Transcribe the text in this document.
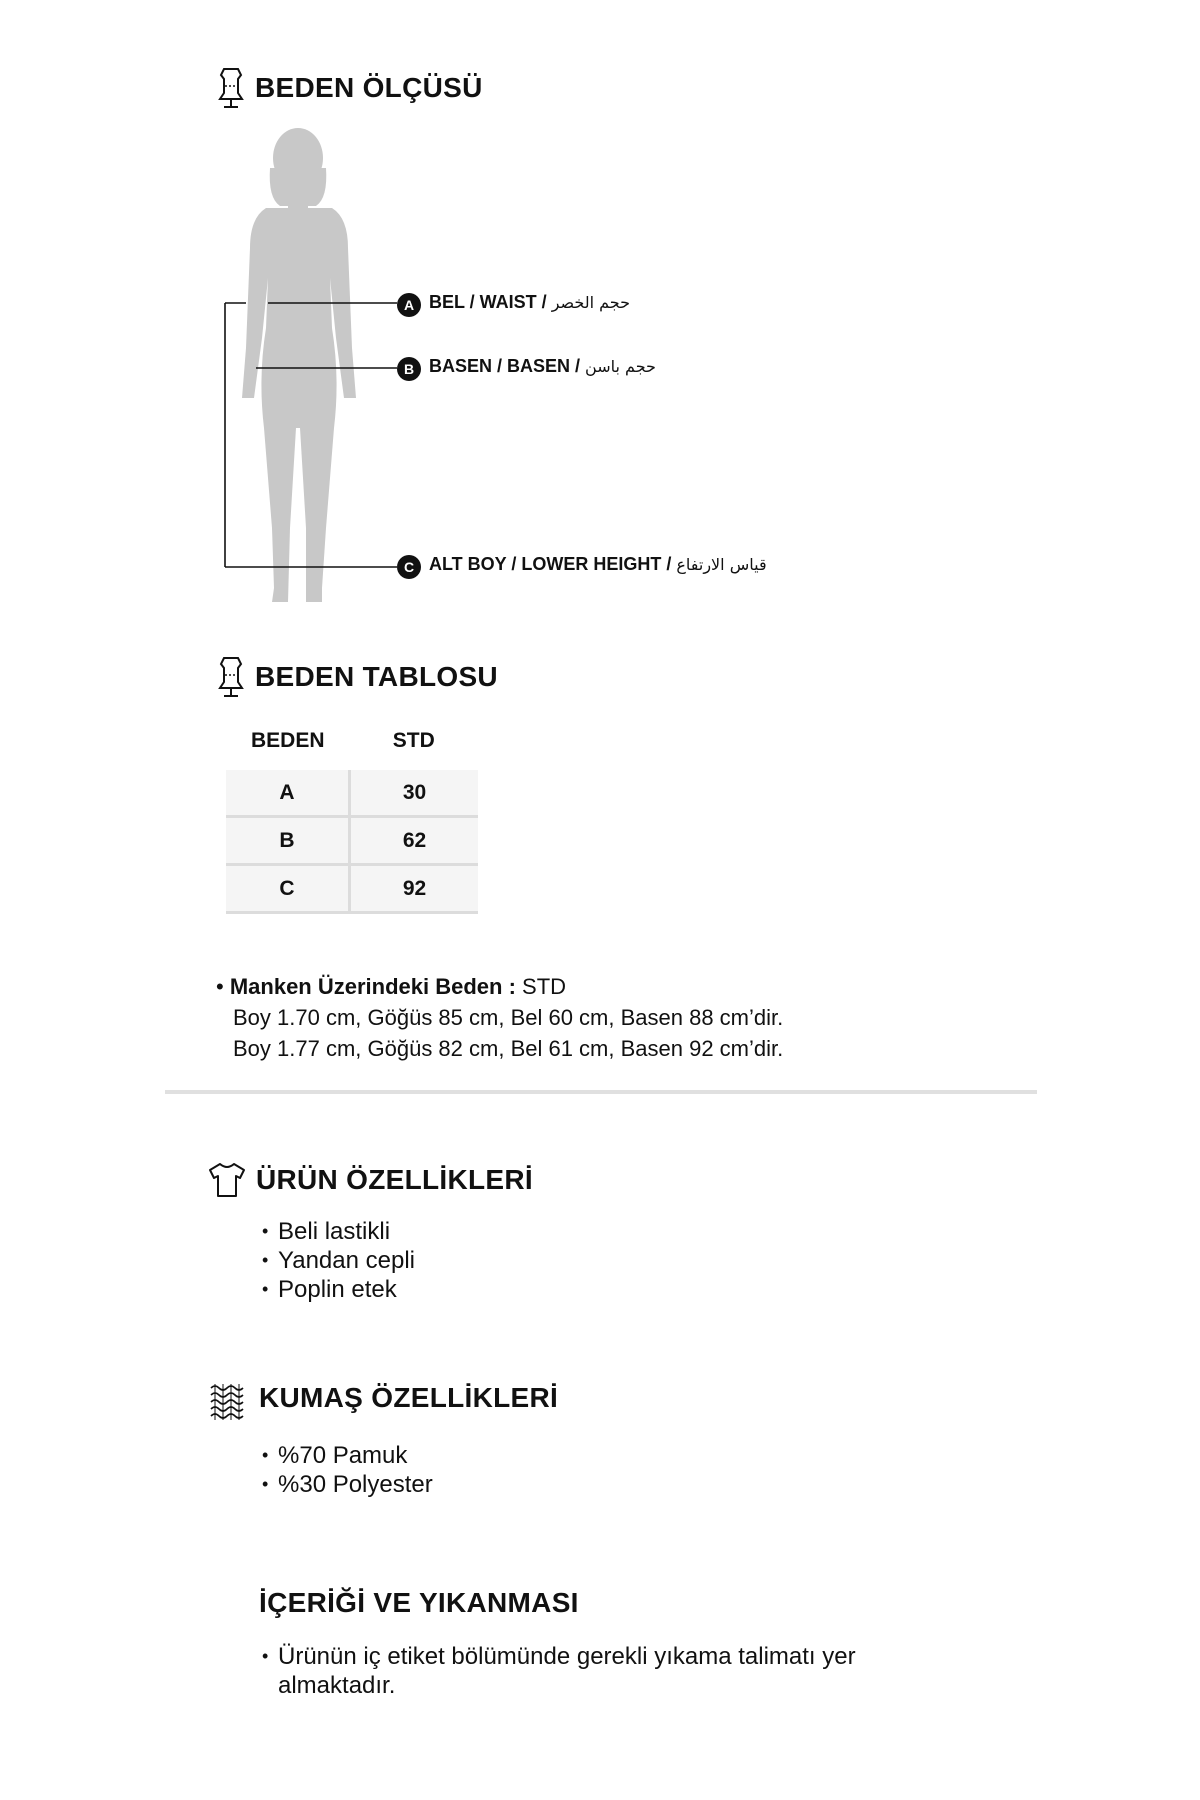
BEDEN ÖLÇÜSÜ
A BEL / WAIST / حجم الخصر
B BASEN / BASEN / حجم باسن
C ALT BOY / LOWER HEIGHT / قياس الارتفاع
BEDEN TABLOSU
BEDEN	STD
A	30
B	62
C	92
• Manken Üzerindeki Beden : STD
Boy 1.70 cm, Göğüs 85 cm, Bel 60 cm, Basen 88 cm’dir.
Boy 1.77 cm, Göğüs 82 cm, Bel 61 cm, Basen 92 cm’dir.
ÜRÜN ÖZELLİKLERİ
• Beli lastikli
• Yandan cepli
• Poplin etek
KUMAŞ ÖZELLİKLERİ
• %70 Pamuk
• %30 Polyester
İÇERİĞİ VE YIKANMASI
• Ürünün iç etiket bölümünde gerekli yıkama talimatı yer almaktadır.
